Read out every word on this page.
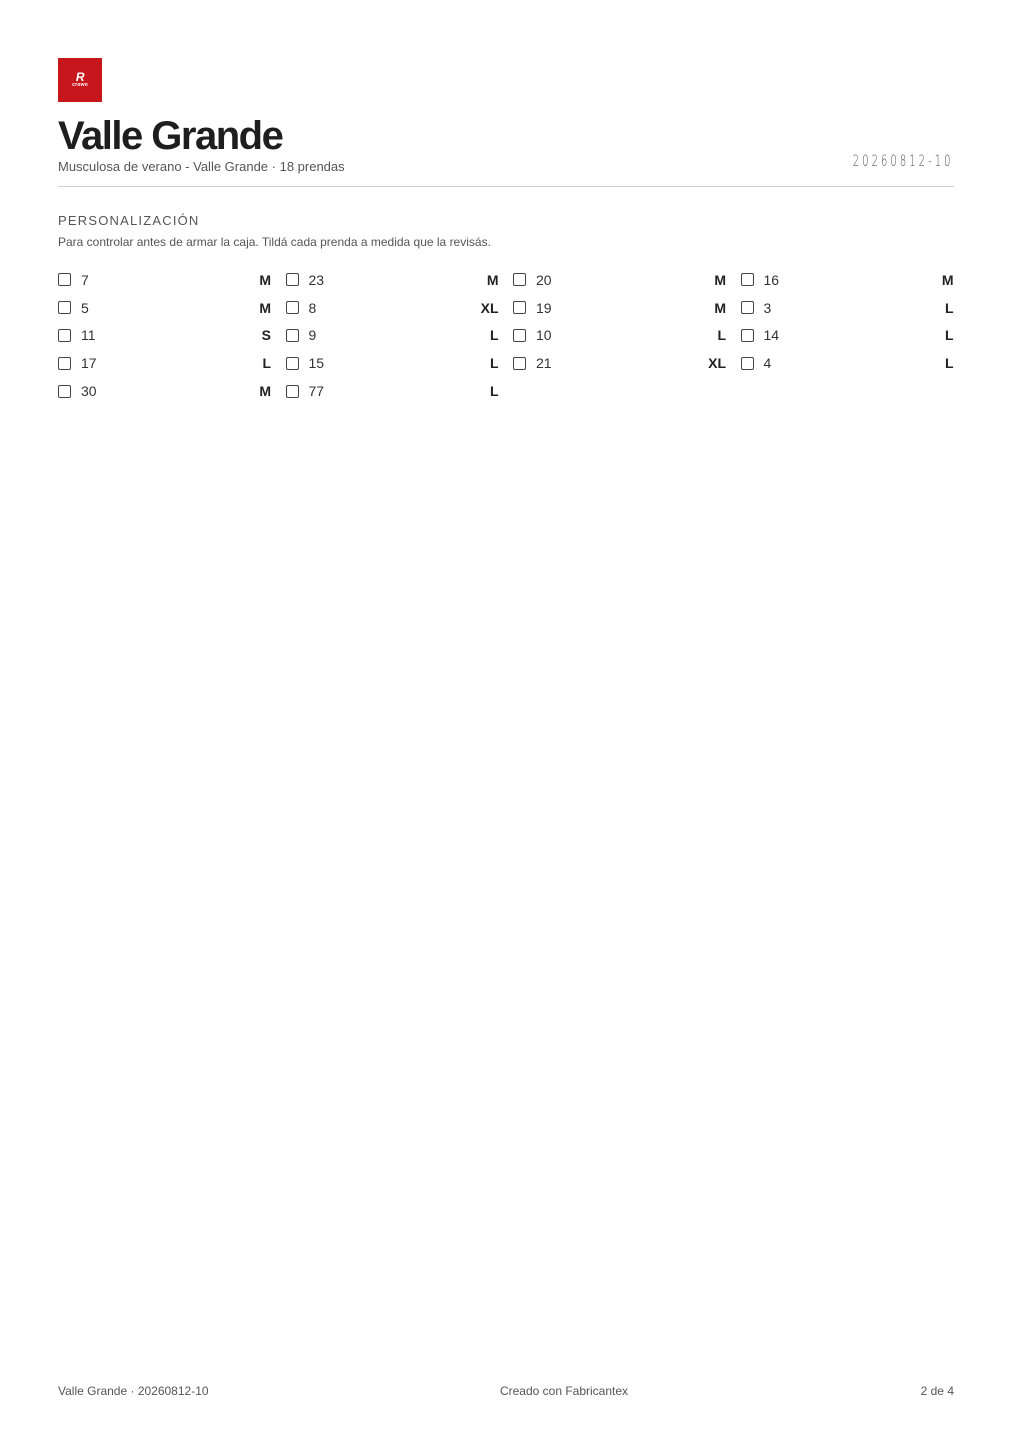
R
crown
Valle Grande
Musculosa de verano - Valle Grande · 18 prendas	20260812-10
PERSONALIZACIÓN
Para controlar antes de armar la caja. Tildá cada prenda a medida que la revisás.
7	M	23	M	20	M	16	M
5	M	8	XL	19	M	3	L
11	S	9	L	10	L	14	L
17	L	15	L	21	XL	4	L
30	M	77	L
Valle Grande · 20260812-10	Creado con Fabricantex	2 de 4
